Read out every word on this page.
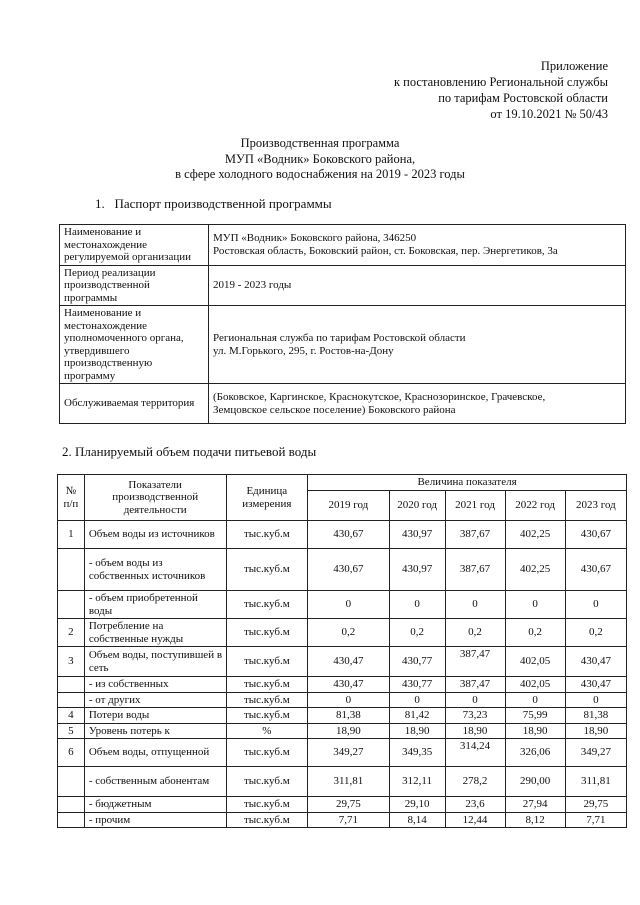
Приложение
к постановлению Региональной службы
по тарифам Ростовской области
от 19.10.2021 № 50/43
Производственная программа
МУП «Водник» Боковского района,
в сфере холодного водоснабжения на 2019 - 2023 годы
1. Паспорт производственной программы
Наименование и местонахождение регулируемой организации	МУП «Водник» Боковского района, 346250
Ростовская область, Боковский район, ст. Боковская, пер. Энергетиков, 3а

Период реализации производственной программы	2019 - 2023 годы

Наименование и местонахождение уполномоченного органа, утвердившего производственную программу	Региональная служба по тарифам Ростовской области
ул. М.Горького, 295, г. Ростов-на-Дону

Обслуживаемая территория	(Боковское, Каргинское, Краснокутское, Краснозоринское, Грачевское,
Земцовское сельское поселение) Боковского района
2. Планируемый объем подачи питьевой воды
№ п/п	Показатели производственной деятельности	Единица измерения	Величина показателя				
			2019 год	2020 год	2021 год	2022 год	2023 год
1	Объем воды из источников	тыс.куб.м	430,67	430,97	387,67	402,25	430,67
	- объем воды из собственных источников	тыс.куб.м	430,67	430,97	387,67	402,25	430,67
	- объем приобретенной воды	тыс.куб.м	0	0	0	0	0
2	Потребление на собственные нужды	тыс.куб.м	0,2	0,2	0,2	0,2	0,2
3	Объем воды, поступившей в сеть	тыс.куб.м	430,47	430,77	387,47	402,05	430,47
	- из собственных	тыс.куб.м	430,47	430,77	387,47	402,05	430,47
	- от других	тыс.куб.м	0	0	0	0	0
4	Потери воды	тыс.куб.м	81,38	81,42	73,23	75,99	81,38
5	Уровень потерь к	%	18,90	18,90	18,90	18,90	18,90
6	Объем воды, отпущенной	тыс.куб.м	349,27	349,35	314,24	326,06	349,27
	- собственным абонентам	тыс.куб.м	311,81	312,11	278,2	290,00	311,81
	- бюджетным	тыс.куб.м	29,75	29,10	23,6	27,94	29,75
	- прочим	тыс.куб.м	7,71	8,14	12,44	8,12	7,71
